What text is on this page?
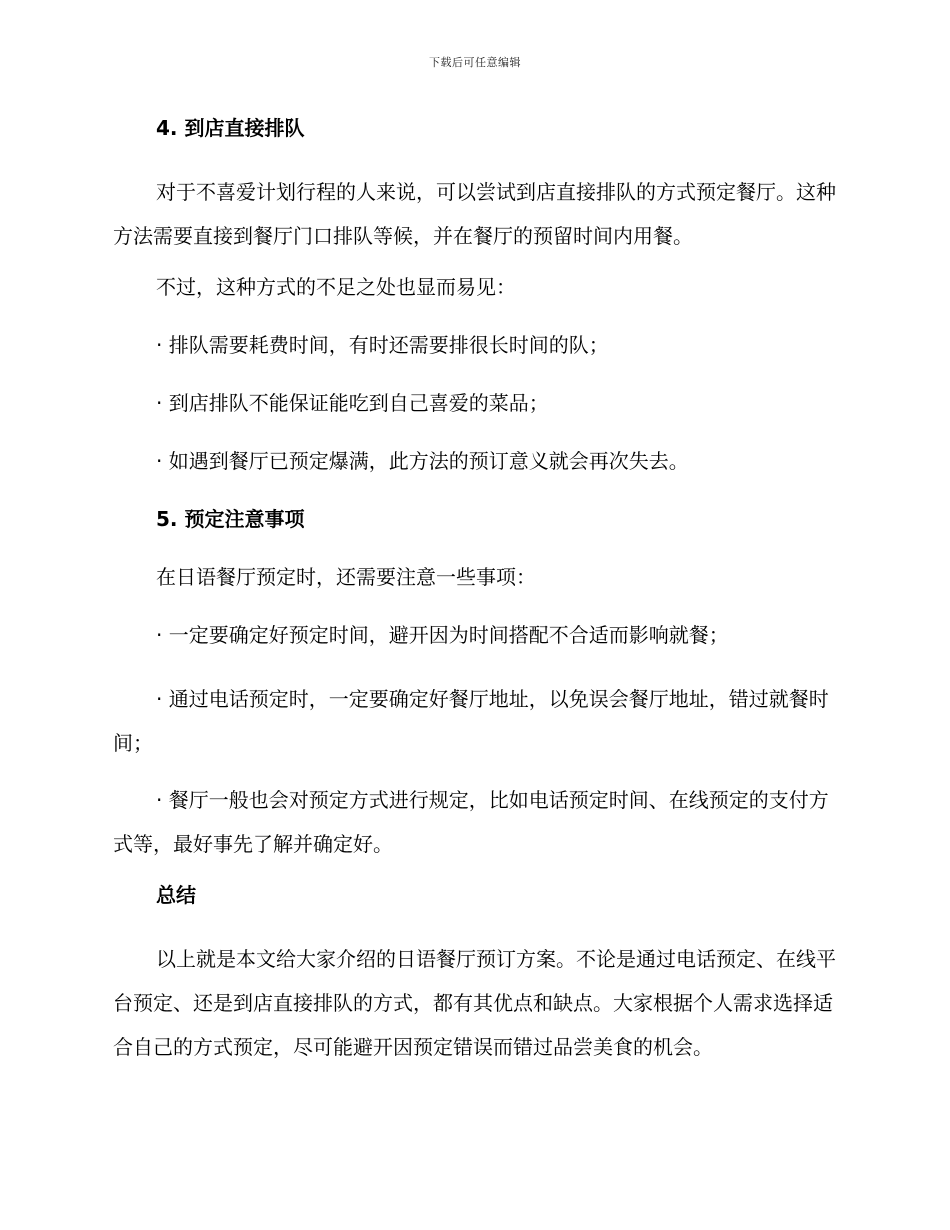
下载后可任意编辑
4. 到店直接排队

对于不喜爱计划行程的人来说，可以尝试到店直接排队的方式预定餐厅。这种方法需要直接到餐厅门口排队等候，并在餐厅的预留时间内用餐。

不过，这种方式的不足之处也显而易见：
· 排队需要耗费时间，有时还需要排很长时间的队；
· 到店排队不能保证能吃到自己喜爱的菜品；
· 如遇到餐厅已预定爆满，此方法的预订意义就会再次失去。
5. 预定注意事项
在日语餐厅预定时，还需要注意一些事项：
· 一定要确定好预定时间，避开因为时间搭配不合适而影响就餐；

· 通过电话预定时，一定要确定好餐厅地址，以免误会餐厅地址，错过就餐时间；

· 餐厅一般也会对预定方式进行规定，比如电话预定时间、在线预定的支付方式等，最好事先了解并确定好。

总结

以上就是本文给大家介绍的日语餐厅预订方案。不论是通过电话预定、在线平台预定、还是到店直接排队的方式，都有其优点和缺点。大家根据个人需求选择适合自己的方式预定，尽可能避开因预定错误而错过品尝美食的机会。
